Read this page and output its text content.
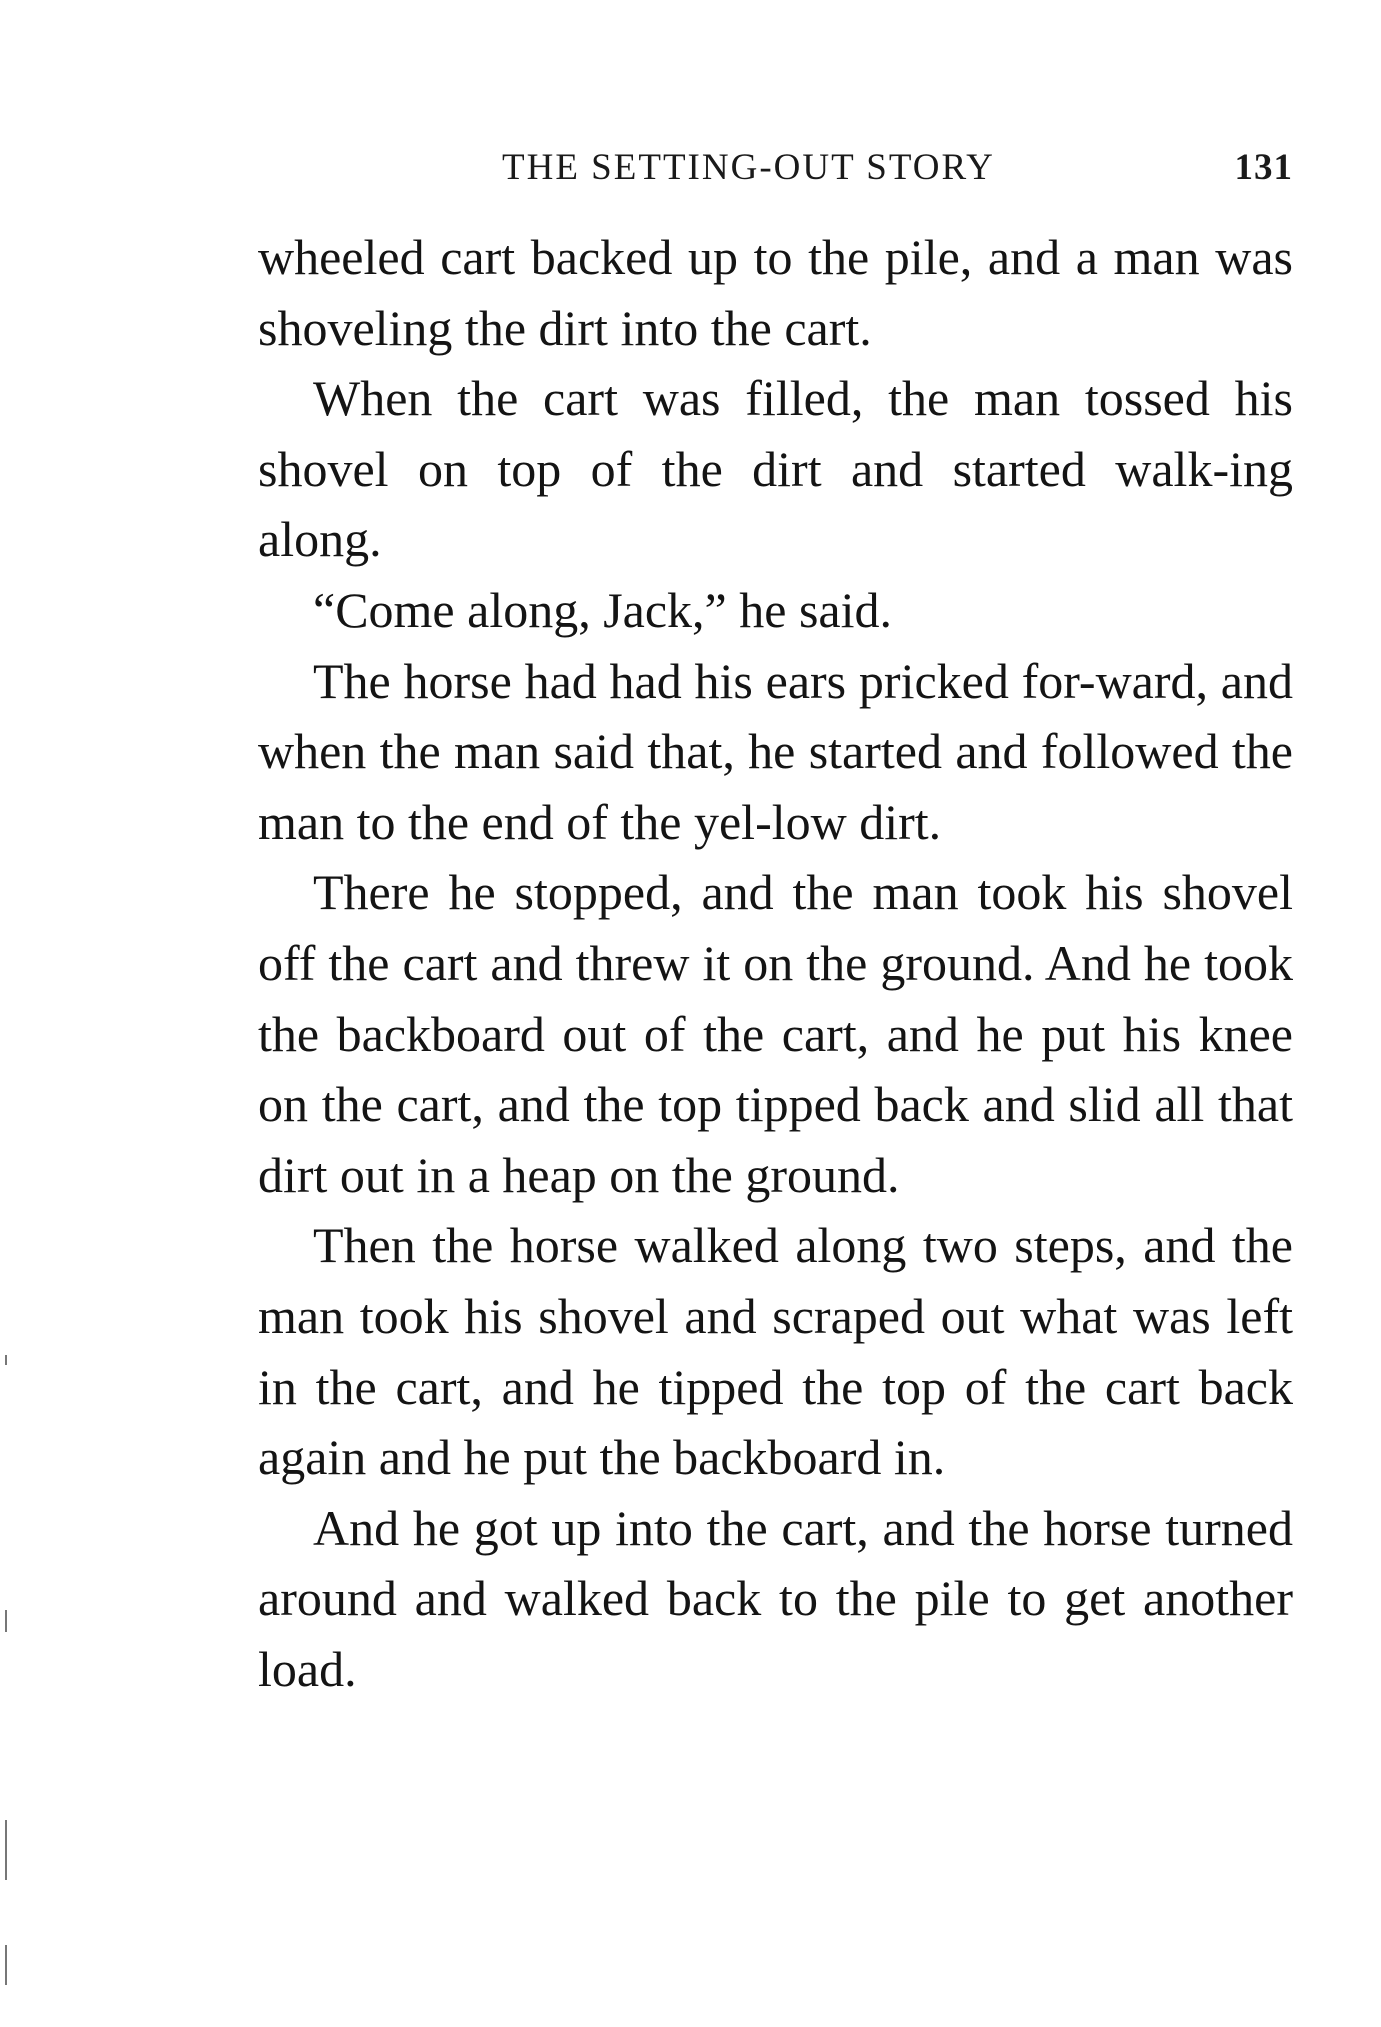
THE SETTING-OUT STORY	131

wheeled cart backed up to the pile, and a man was shoveling the dirt into the cart.

When the cart was filled, the man tossed his shovel on top of the dirt and started walk-ing along.

“Come along, Jack,” he said.

The horse had had his ears pricked for-ward, and when the man said that, he started and followed the man to the end of the yel-low dirt.

There he stopped, and the man took his shovel off the cart and threw it on the ground. And he took the backboard out of the cart, and he put his knee on the cart, and the top tipped back and slid all that dirt out in a heap on the ground.

Then the horse walked along two steps, and the man took his shovel and scraped out what was left in the cart, and he tipped the top of the cart back again and he put the backboard in.

And he got up into the cart, and the horse turned around and walked back to the pile to get another load.
